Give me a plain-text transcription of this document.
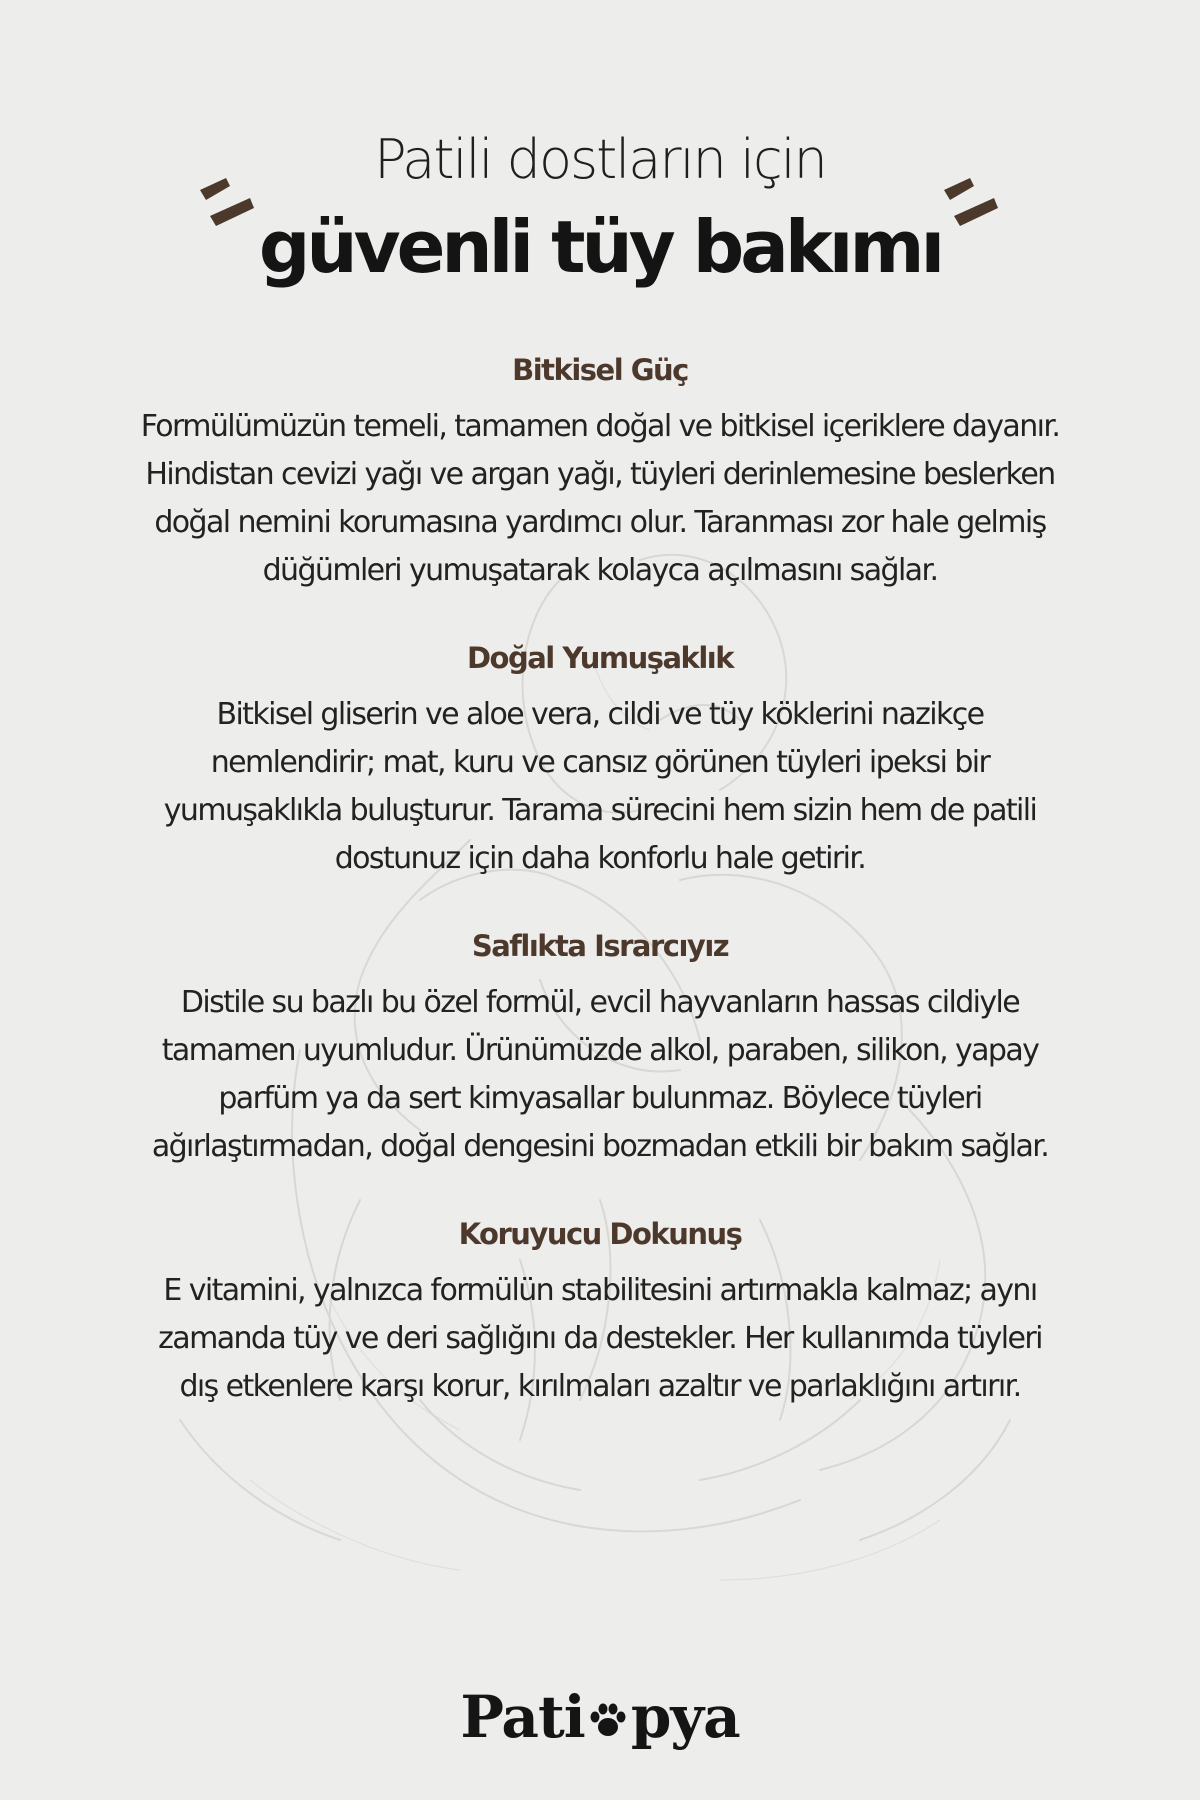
Patili dostların için
güvenli tüy bakımı
Bitkisel Güç

Formülümüzün temeli, tamamen doğal ve bitkisel içeriklere dayanır. Hindistan cevizi yağı ve argan yağı, tüyleri derinlemesine beslerken doğal nemini korumasına yardımcı olur. Taranması zor hale gelmiş düğümleri yumuşatarak kolayca açılmasını sağlar.

Doğal Yumuşaklık

Bitkisel gliserin ve aloe vera, cildi ve tüy köklerini nazikçe nemlendirir; mat, kuru ve cansız görünen tüyleri ipeksi bir yumuşaklıkla buluşturur. Tarama sürecini hem sizin hem de patili dostunuz için daha konforlu hale getirir.

Saflıkta Israrcıyız

Distile su bazlı bu özel formül, evcil hayvanların hassas cildiyle tamamen uyumludur. Ürünümüzde alkol, paraben, silikon, yapay parfüm ya da sert kimyasallar bulunmaz. Böylece tüyleri ağırlaştırmadan, doğal dengesini bozmadan etkili bir bakım sağlar.

Koruyucu Dokunuş

E vitamini, yalnızca formülün stabilitesini artırmakla kalmaz; aynı zamanda tüy ve deri sağlığını da destekler. Her kullanımda tüyleri dış etkenlere karşı korur, kırılmaları azaltır ve parlaklığını artırır.

Pati pya
